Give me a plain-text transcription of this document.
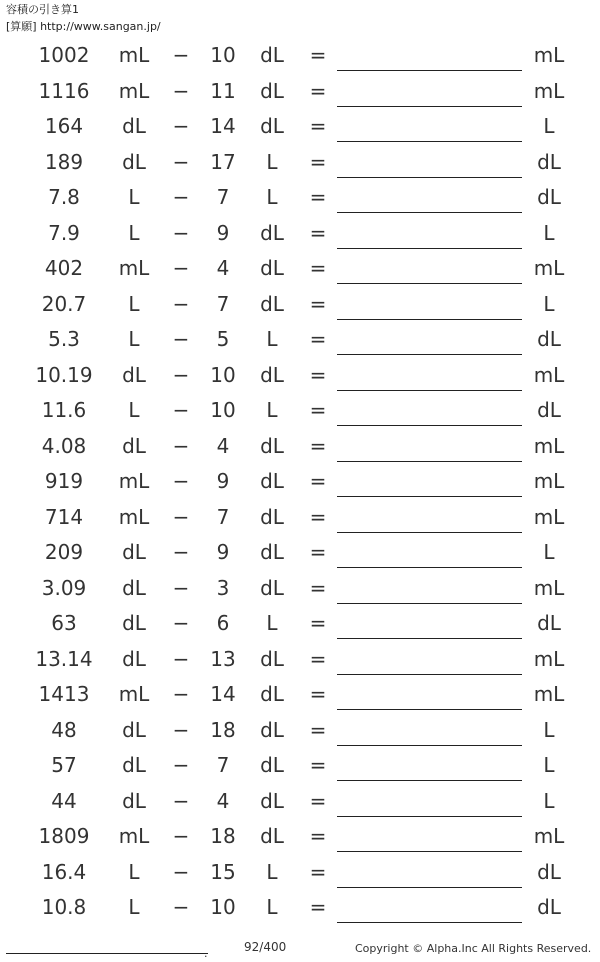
容積の引き算1
[算願] http://www.sangan.jp/
1002	mL	−	10	dL	=	mL
1116	mL	−	11	dL	=	mL
164	dL	−	14	dL	=	L
189	dL	−	17	L	=	dL
7.8	L	−	7	L	=	dL
7.9	L	−	9	dL	=	L
402	mL	−	4	dL	=	mL
20.7	L	−	7	dL	=	L
5.3	L	−	5	L	=	dL
10.19	dL	−	10	dL	=	mL
11.6	L	−	10	L	=	dL
4.08	dL	−	4	dL	=	mL
919	mL	−	9	dL	=	mL
714	mL	−	7	dL	=	mL
209	dL	−	9	dL	=	L
3.09	dL	−	3	dL	=	mL
63	dL	−	6	L	=	dL
13.14	dL	−	13	dL	=	mL
1413	mL	−	14	dL	=	mL
48	dL	−	18	dL	=	L
57	dL	−	7	dL	=	L
44	dL	−	4	dL	=	L
1809	mL	−	18	dL	=	mL
16.4	L	−	15	L	=	dL
10.8	L	−	10	L	=	dL
.	92/400	Copyright © Alpha.Inc All Rights Reserved.
